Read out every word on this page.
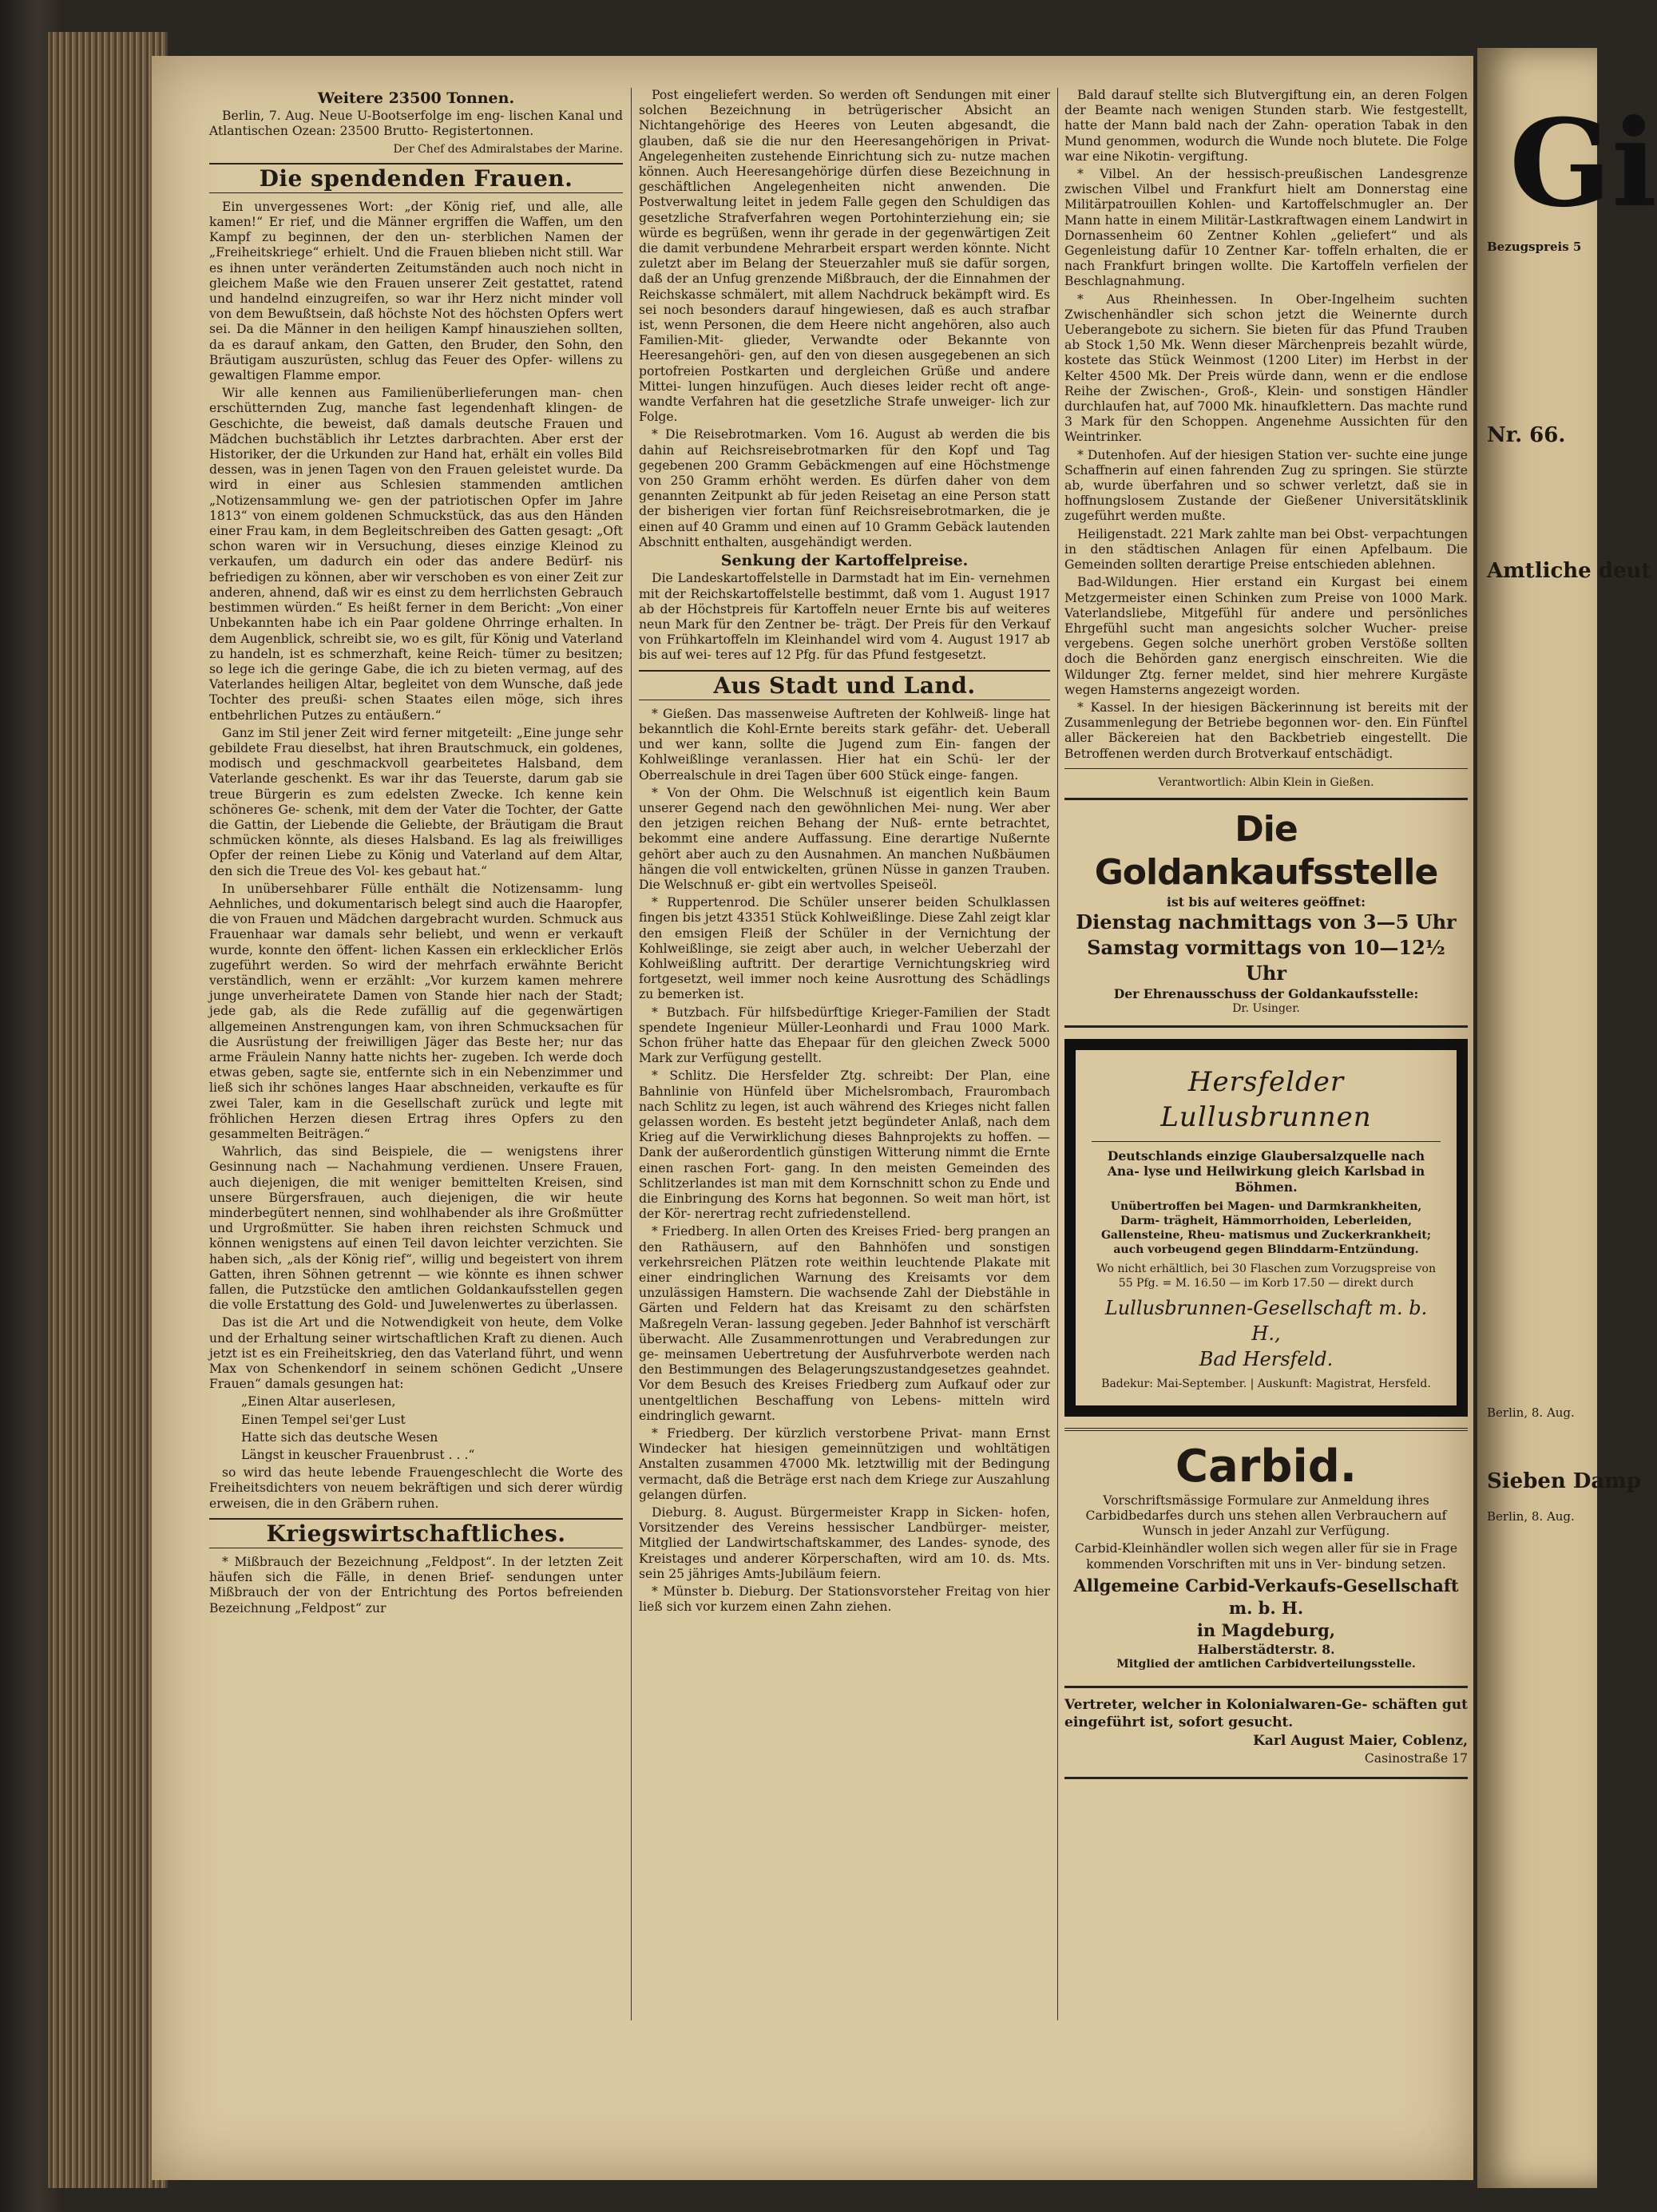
Weitere 23500 Tonnen.

Berlin, 7. Aug. Neue U-Bootserfolge im eng- lischen Kanal und Atlantischen Ozean: 23500 Brutto- Registertonnen.

Der Chef des Admiralstabes der Marine.

Die spendenden Frauen.

Ein unvergessenes Wort: „der König rief, und alle, alle kamen!“ Er rief, und die Männer ergriffen die Waffen, um den Kampf zu beginnen, der den un- sterblichen Namen der „Freiheitskriege“ erhielt. Und die Frauen blieben nicht still. War es ihnen unter veränderten Zeitumständen auch noch nicht in gleichem Maße wie den Frauen unserer Zeit gestattet, ratend und handelnd einzugreifen, so war ihr Herz nicht minder voll von dem Bewußtsein, daß höchste Not des höchsten Opfers wert sei. Da die Männer in den heiligen Kampf hinausziehen sollten, da es darauf ankam, den Gatten, den Bruder, den Sohn, den Bräutigam auszurüsten, schlug das Feuer des Opfer- willens zu gewaltigen Flamme empor.

Wir alle kennen aus Familienüberlieferungen man- chen erschütternden Zug, manche fast legendenhaft klingen- de Geschichte, die beweist, daß damals deutsche Frauen und Mädchen buchstäblich ihr Letztes darbrachten. Aber erst der Historiker, der die Urkunden zur Hand hat, erhält ein volles Bild dessen, was in jenen Tagen von den Frauen geleistet wurde. Da wird in einer aus Schlesien stammenden amtlichen „Notizensammlung we- gen der patriotischen Opfer im Jahre 1813“ von einem goldenen Schmuckstück, das aus den Händen einer Frau kam, in dem Begleitschreiben des Gatten gesagt: „Oft schon waren wir in Versuchung, dieses einzige Kleinod zu verkaufen, um dadurch ein oder das andere Bedürf- nis befriedigen zu können, aber wir verschoben es von einer Zeit zur anderen, ahnend, daß wir es einst zu dem herrlichsten Gebrauch bestimmen würden.“ Es heißt ferner in dem Bericht: „Von einer Unbekannten habe ich ein Paar goldene Ohrringe erhalten. In dem Augenblick, schreibt sie, wo es gilt, für König und Vaterland zu handeln, ist es schmerzhaft, keine Reich- tümer zu besitzen; so lege ich die geringe Gabe, die ich zu bieten vermag, auf des Vaterlandes heiligen Altar, begleitet von dem Wunsche, daß jede Tochter des preußi- schen Staates eilen möge, sich ihres entbehrlichen Putzes zu entäußern.“

Ganz im Stil jener Zeit wird ferner mitgeteilt: „Eine junge sehr gebildete Frau dieselbst, hat ihren Brautschmuck, ein goldenes, modisch und geschmackvoll gearbeitetes Halsband, dem Vaterlande geschenkt. Es war ihr das Teuerste, darum gab sie treue Bürgerin es zum edelsten Zwecke. Ich kenne kein schöneres Ge- schenk, mit dem der Vater die Tochter, der Gatte die Gattin, der Liebende die Geliebte, der Bräutigam die Braut schmücken könnte, als dieses Halsband. Es lag als freiwilliges Opfer der reinen Liebe zu König und Vaterland auf dem Altar, den sich die Treue des Vol- kes gebaut hat.“

In unübersehbarer Fülle enthält die Notizensamm- lung Aehnliches, und dokumentarisch belegt sind auch die Haaropfer, die von Frauen und Mädchen dargebracht wurden. Schmuck aus Frauenhaar war damals sehr beliebt, und wenn er verkauft wurde, konnte den öffent- lichen Kassen ein erklecklicher Erlös zugeführt werden. So wird der mehrfach erwähnte Bericht verständlich, wenn er erzählt: „Vor kurzem kamen mehrere junge unverheiratete Damen von Stande hier nach der Stadt; jede gab, als die Rede zufällig auf die gegenwärtigen allgemeinen Anstrengungen kam, von ihren Schmucksachen für die Ausrüstung der freiwilligen Jäger das Beste her; nur das arme Fräulein Nanny hatte nichts her- zugeben. Ich werde doch etwas geben, sagte sie, entfernte sich in ein Nebenzimmer und ließ sich ihr schönes langes Haar abschneiden, verkaufte es für zwei Taler, kam in die Gesellschaft zurück und legte mit fröhlichen Herzen diesen Ertrag ihres Opfers zu den gesammelten Beiträgen.“

Wahrlich, das sind Beispiele, die — wenigstens ihrer Gesinnung nach — Nachahmung verdienen. Unsere Frauen, auch diejenigen, die mit weniger bemittelten Kreisen, sind unsere Bürgersfrauen, auch diejenigen, die wir heute minderbegütert nennen, sind wohlhabender als ihre Großmütter und Urgroßmütter. Sie haben ihren reichsten Schmuck und können wenigstens auf einen Teil davon leichter verzichten. Sie haben sich, „als der König rief“, willig und begeistert von ihrem Gatten, ihren Söhnen getrennt — wie könnte es ihnen schwer fallen, die Putzstücke den amtlichen Goldankaufsstellen gegen die volle Erstattung des Gold- und Juwelenwertes zu überlassen.

Das ist die Art und die Notwendigkeit von heute, dem Volke und der Erhaltung seiner wirtschaftlichen Kraft zu dienen. Auch jetzt ist es ein Freiheitskrieg, den das Vaterland führt, und wenn Max von Schenkendorf in seinem schönen Gedicht „Unsere Frauen“ damals gesungen hat:

„Einen Altar auserlesen,

Einen Tempel sei'ger Lust

Hatte sich das deutsche Wesen

Längst in keuscher Frauenbrust . . .“

so wird das heute lebende Frauengeschlecht die Worte des Freiheitsdichters von neuem bekräftigen und sich derer würdig erweisen, die in den Gräbern ruhen.

Kriegswirtschaftliches.

* Mißbrauch der Bezeichnung „Feldpost“. In der letzten Zeit häufen sich die Fälle, in denen Brief- sendungen unter Mißbrauch der von der Entrichtung des Portos befreienden Bezeichnung „Feldpost“ zur

Post eingeliefert werden. So werden oft Sendungen mit einer solchen Bezeichnung in betrügerischer Absicht an Nichtangehörige des Heeres von Leuten abgesandt, die glauben, daß sie die nur den Heeresangehörigen in Privat-Angelegenheiten zustehende Einrichtung sich zu- nutze machen können. Auch Heeresangehörige dürfen diese Bezeichnung in geschäftlichen Angelegenheiten nicht anwenden. Die Postverwaltung leitet in jedem Falle gegen den Schuldigen das gesetzliche Strafverfahren wegen Portohinterziehung ein; sie würde es begrüßen, wenn ihr gerade in der gegenwärtigen Zeit die damit verbundene Mehrarbeit erspart werden könnte. Nicht zuletzt aber im Belang der Steuerzahler muß sie dafür sorgen, daß der an Unfug grenzende Mißbrauch, der die Einnahmen der Reichskasse schmälert, mit allem Nachdruck bekämpft wird. Es sei noch besonders darauf hingewiesen, daß es auch strafbar ist, wenn Personen, die dem Heere nicht angehören, also auch Familien-Mit- glieder, Verwandte oder Bekannte von Heeresangehöri- gen, auf den von diesen ausgegebenen an sich portofreien Postkarten und dergleichen Grüße und andere Mittei- lungen hinzufügen. Auch dieses leider recht oft ange- wandte Verfahren hat die gesetzliche Strafe unweiger- lich zur Folge.

* Die Reisebrotmarken. Vom 16. August ab werden die bis dahin auf Reichsreisebrotmarken für den Kopf und Tag gegebenen 200 Gramm Gebäckmengen auf eine Höchstmenge von 250 Gramm erhöht werden. Es dürfen daher von dem genannten Zeitpunkt ab für jeden Reisetag an eine Person statt der bisherigen vier fortan fünf Reichsreisebrotmarken, die je einen auf 40 Gramm und einen auf 10 Gramm Gebäck lautenden Abschnitt enthalten, ausgehändigt werden.

Senkung der Kartoffelpreise.

Die Landeskartoffelstelle in Darmstadt hat im Ein- vernehmen mit der Reichskartoffelstelle bestimmt, daß vom 1. August 1917 ab der Höchstpreis für Kartoffeln neuer Ernte bis auf weiteres neun Mark für den Zentner be- trägt. Der Preis für den Verkauf von Frühkartoffeln im Kleinhandel wird vom 4. August 1917 ab bis auf wei- teres auf 12 Pfg. für das Pfund festgesetzt.

Aus Stadt und Land.

* Gießen. Das massenweise Auftreten der Kohlweiß- linge hat bekanntlich die Kohl-Ernte bereits stark gefähr- det. Ueberall und wer kann, sollte die Jugend zum Ein- fangen der Kohlweißlinge veranlassen. Hier hat ein Schü- ler der Oberrealschule in drei Tagen über 600 Stück einge- fangen.

* Von der Ohm. Die Welschnuß ist eigentlich kein Baum unserer Gegend nach den gewöhnlichen Mei- nung. Wer aber den jetzigen reichen Behang der Nuß- ernte betrachtet, bekommt eine andere Auffassung. Eine derartige Nußernte gehört aber auch zu den Ausnahmen. An manchen Nußbäumen hängen die voll entwickelten, grünen Nüsse in ganzen Trauben. Die Welschnuß er- gibt ein wertvolles Speiseöl.

* Ruppertenrod. Die Schüler unserer beiden Schulklassen fingen bis jetzt 43351 Stück Kohlweißlinge. Diese Zahl zeigt klar den emsigen Fleiß der Schüler in der Vernichtung der Kohlweißlinge, sie zeigt aber auch, in welcher Ueberzahl der Kohlweißling auftritt. Der derartige Vernichtungskrieg wird fortgesetzt, weil immer noch keine Ausrottung des Schädlings zu bemerken ist.

* Butzbach. Für hilfsbedürftige Krieger-Familien der Stadt spendete Ingenieur Müller-Leonhardi und Frau 1000 Mark. Schon früher hatte das Ehepaar für den gleichen Zweck 5000 Mark zur Verfügung gestellt.

* Schlitz. Die Hersfelder Ztg. schreibt: Der Plan, eine Bahnlinie von Hünfeld über Michelsrombach, Fraurombach nach Schlitz zu legen, ist auch während des Krieges nicht fallen gelassen worden. Es besteht jetzt begündeter Anlaß, nach dem Krieg auf die Verwirklichung dieses Bahnprojekts zu hoffen. — Dank der außerordentlich günstigen Witterung nimmt die Ernte einen raschen Fort- gang. In den meisten Gemeinden des Schlitzerlandes ist man mit dem Kornschnitt schon zu Ende und die Einbringung des Korns hat begonnen. So weit man hört, ist der Kör- nerertrag recht zufriedenstellend.

* Friedberg. In allen Orten des Kreises Fried- berg prangen an den Rathäusern, auf den Bahnhöfen und sonstigen verkehrsreichen Plätzen rote weithin leuchtende Plakate mit einer eindringlichen Warnung des Kreisamts vor dem unzulässigen Hamstern. Die wachsende Zahl der Diebstähle in Gärten und Feldern hat das Kreisamt zu den schärfsten Maßregeln Veran- lassung gegeben. Jeder Bahnhof ist verschärft überwacht. Alle Zusammenrottungen und Verabredungen zur ge- meinsamen Uebertretung der Ausfuhrverbote werden nach den Bestimmungen des Belagerungszustandgesetzes geahndet. Vor dem Besuch des Kreises Friedberg zum Aufkauf oder zur unentgeltlichen Beschaffung von Lebens- mitteln wird eindringlich gewarnt.

* Friedberg. Der kürzlich verstorbene Privat- mann Ernst Windecker hat hiesigen gemeinnützigen und wohltätigen Anstalten zusammen 47000 Mk. letztwillig mit der Bedingung vermacht, daß die Beträge erst nach dem Kriege zur Auszahlung gelangen dürfen.

Dieburg. 8. August. Bürgermeister Krapp in Sicken- hofen, Vorsitzender des Vereins hessischer Landbürger- meister, Mitglied der Landwirtschaftskammer, des Landes- synode, des Kreistages und anderer Körperschaften, wird am 10. ds. Mts. sein 25 jähriges Amts-Jubiläum feiern.

* Münster b. Dieburg. Der Stationsvorsteher Freitag von hier ließ sich vor kurzem einen Zahn ziehen.

Bald darauf stellte sich Blutvergiftung ein, an deren Folgen der Beamte nach wenigen Stunden starb. Wie festgestellt, hatte der Mann bald nach der Zahn- operation Tabak in den Mund genommen, wodurch die Wunde noch blutete. Die Folge war eine Nikotin- vergiftung.

* Vilbel. An der hessisch-preußischen Landesgrenze zwischen Vilbel und Frankfurt hielt am Donnerstag eine Militärpatrouillen Kohlen- und Kartoffelschmugler an. Der Mann hatte in einem Militär-Lastkraftwagen einem Landwirt in Dornassenheim 60 Zentner Kohlen „geliefert“ und als Gegenleistung dafür 10 Zentner Kar- toffeln erhalten, die er nach Frankfurt bringen wollte. Die Kartoffeln verfielen der Beschlagnahmung.

* Aus Rheinhessen. In Ober-Ingelheim suchten Zwischenhändler sich schon jetzt die Weinernte durch Ueberangebote zu sichern. Sie bieten für das Pfund Trauben ab Stock 1,50 Mk. Wenn dieser Märchenpreis bezahlt würde, kostete das Stück Weinmost (1200 Liter) im Herbst in der Kelter 4500 Mk. Der Preis würde dann, wenn er die endlose Reihe der Zwischen-, Groß-, Klein- und sonstigen Händler durchlaufen hat, auf 7000 Mk. hinaufklettern. Das machte rund 3 Mark für den Schoppen. Angenehme Aussichten für den Weintrinker.

* Dutenhofen. Auf der hiesigen Station ver- suchte eine junge Schaffnerin auf einen fahrenden Zug zu springen. Sie stürzte ab, wurde überfahren und so schwer verletzt, daß sie in hoffnungslosem Zustande der Gießener Universitätsklinik zugeführt werden mußte.

Heiligenstadt. 221 Mark zahlte man bei Obst- verpachtungen in den städtischen Anlagen für einen Apfelbaum. Die Gemeinden sollten derartige Preise entschieden ablehnen.

Bad-Wildungen. Hier erstand ein Kurgast bei einem Metzgermeister einen Schinken zum Preise von 1000 Mark. Vaterlandsliebe, Mitgefühl für andere und persönliches Ehrgefühl sucht man angesichts solcher Wucher- preise vergebens. Gegen solche unerhört groben Verstöße sollten doch die Behörden ganz energisch einschreiten. Wie die Wildunger Ztg. ferner meldet, sind hier mehrere Kurgäste wegen Hamsterns angezeigt worden.

* Kassel. In der hiesigen Bäckerinnung ist bereits mit der Zusammenlegung der Betriebe begonnen wor- den. Ein Fünftel aller Bäckereien hat den Backbetrieb eingestellt. Die Betroffenen werden durch Brotverkauf entschädigt.

Verantwortlich: Albin Klein in Gießen.

Die Goldankaufsstelle
ist bis auf weiteres geöffnet:
Dienstag nachmittags von 3—5 Uhr
Samstag vormittags von 10—12½ Uhr
Der Ehrenausschuss der Goldankaufsstelle:
Dr. Usinger.
Hersfelder Lullusbrunnen
Deutschlands einzige Glaubersalzquelle nach Ana- lyse und Heilwirkung gleich Karlsbad in Böhmen.
Unübertroffen bei Magen- und Darmkrankheiten, Darm- trägheit, Hämmorrhoiden, Leberleiden, Gallensteine, Rheu- matismus und Zuckerkrankheit; auch vorbeugend gegen Blinddarm-Entzündung.
Wo nicht erhältlich, bei 30 Flaschen zum Vorzugspreise von 55 Pfg. = M. 16.50 — im Korb 17.50 — direkt durch
Lullusbrunnen-Gesellschaft m. b. H.,
Bad Hersfeld.
Badekur: Mai-September. | Auskunft: Magistrat, Hersfeld.
Carbid.

Vorschriftsmässige Formulare zur Anmeldung ihres Carbidbedarfes durch uns stehen allen Verbrauchern auf Wunsch in jeder Anzahl zur Verfügung.

Carbid-Kleinhändler wollen sich wegen aller für sie in Frage kommenden Vorschriften mit uns in Ver- bindung setzen.

Allgemeine Carbid-Verkaufs-Gesellschaft m. b. H.
in Magdeburg,
Halberstädterstr. 8.
Mitglied der amtlichen Carbidverteilungsstelle.

Vertreter, welcher in Kolonialwaren-Ge- schäften gut eingeführt ist, sofort gesucht.

Karl August Maier, Coblenz,

Casinostraße 17

Gi
Bezugspreis 5
Nr. 66.
Amtliche deut
Berlin, 8. Aug.
Sieben Damp
Berlin, 8. Aug.
